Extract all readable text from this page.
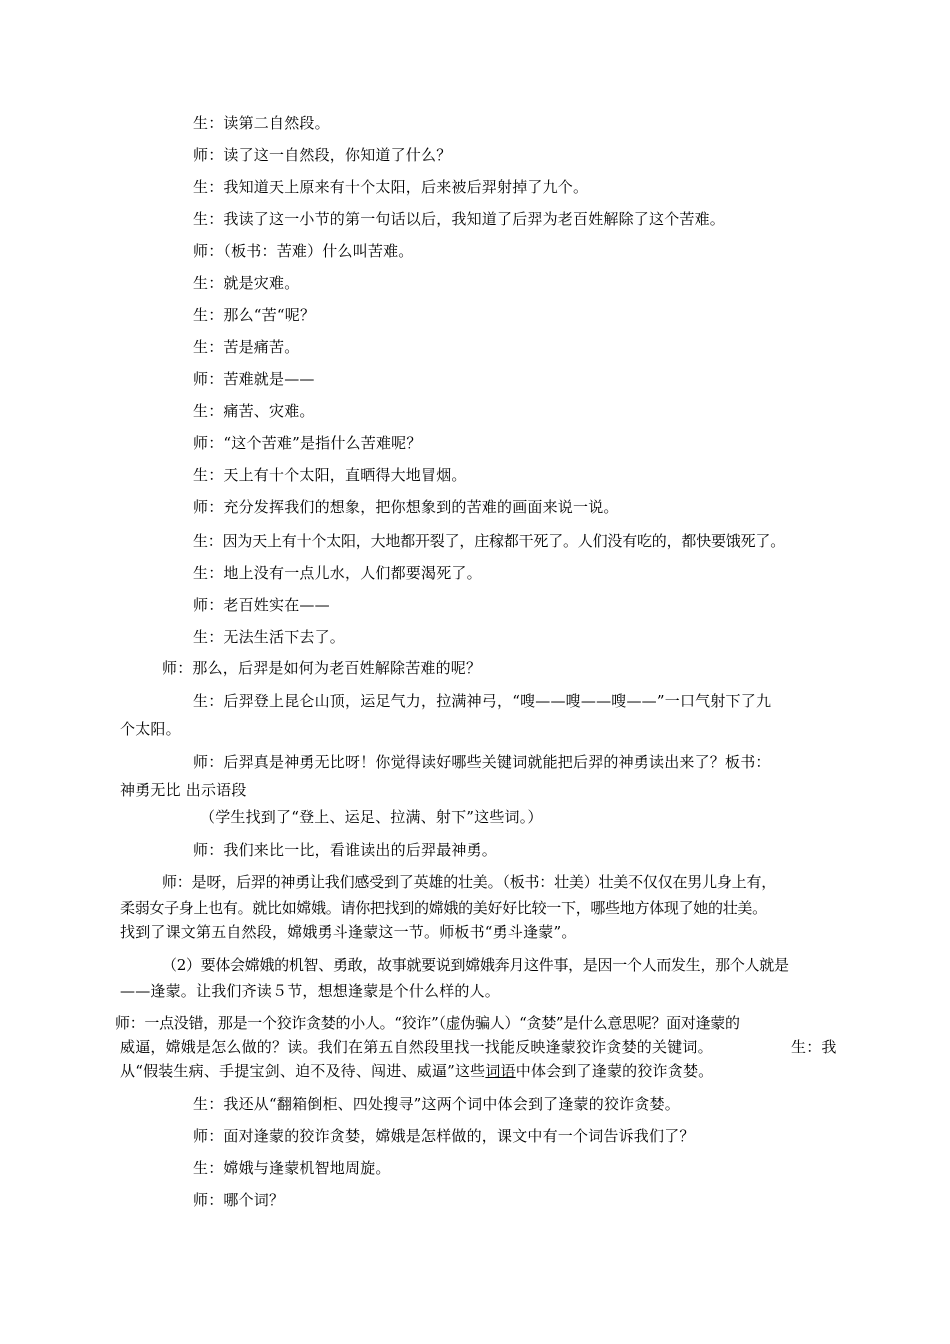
生：读第二自然段。
师：读了这一自然段，你知道了什么？
生：我知道天上原来有十个太阳，后来被后羿射掉了九个。
生：我读了这一小节的第一句话以后，我知道了后羿为老百姓解除了这个苦难。
师：（板书：苦难）什么叫苦难。
生：就是灾难。
生：那么“苦“呢？
生：苦是痛苦。
师：苦难就是——
生：痛苦、灾难。
师：“这个苦难”是指什么苦难呢？
生：天上有十个太阳，直晒得大地冒烟。
师：充分发挥我们的想象，把你想象到的苦难的画面来说一说。
生：因为天上有十个太阳，大地都开裂了，庄稼都干死了。人们没有吃的，都快要饿死了。
生：地上没有一点儿水，人们都要渴死了。
师：老百姓实在——
生：无法生活下去了。
师：那么，后羿是如何为老百姓解除苦难的呢？
生：后羿登上昆仑山顶，运足气力，拉满神弓，“嗖——嗖——嗖——”一口气射下了九
个太阳。
师：后羿真是神勇无比呀！你觉得读好哪些关键词就能把后羿的神勇读出来了？板书：
神勇无比 出示语段
（学生找到了“登上、运足、拉满、射下”这些词。）
师：我们来比一比，看谁读出的后羿最神勇。
师：是呀，后羿的神勇让我们感受到了英雄的壮美。（板书：壮美）壮美不仅仅在男儿身上有，
柔弱女子身上也有。就比如嫦娥。请你把找到的嫦娥的美好好比较一下，哪些地方体现了她的壮美。
找到了课文第五自然段，嫦娥勇斗逢蒙这一节。师板书“勇斗逢蒙”。
（2）要体会嫦娥的机智、勇敢，故事就要说到嫦娥奔月这件事，是因一个人而发生，那个人就是
——逢蒙。让我们齐读５节，想想逢蒙是个什么样的人。
师：一点没错，那是一个狡诈贪婪的小人。“狡诈”（虚伪骗人）“贪婪”是什么意思呢？面对逢蒙的
威逼，嫦娥是怎么做的？读。我们在第五自然段里找一找能反映逢蒙狡诈贪婪的关键词。	生：我
从“假装生病、手提宝剑、迫不及待、闯进、威逼”这些词语中体会到了逢蒙的狡诈贪婪。
生：我还从“翻箱倒柜、四处搜寻”这两个词中体会到了逢蒙的狡诈贪婪。
师：面对逢蒙的狡诈贪婪，嫦娥是怎样做的，课文中有一个词告诉我们了？
生：嫦娥与逢蒙机智地周旋。
师：哪个词？
